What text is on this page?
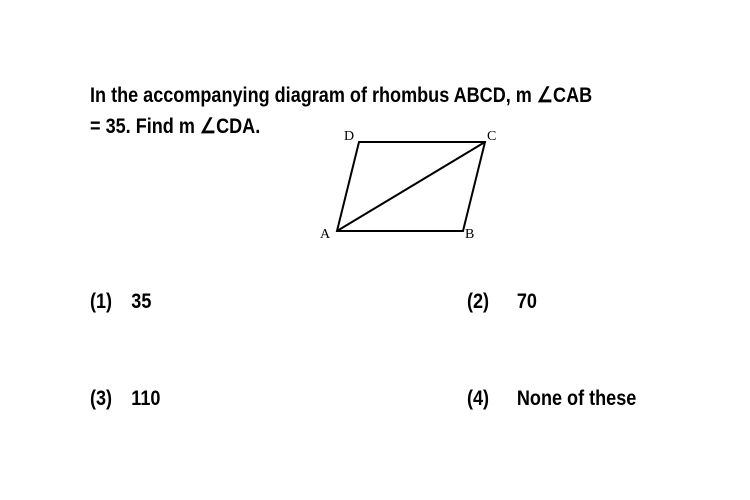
In the accompanying diagram of rhombus ABCD, m ∠CAB
= 35. Find m ∠CDA.
A	B
C
D
(1) 35	(2) 70
(3) 110	(4) None of these
